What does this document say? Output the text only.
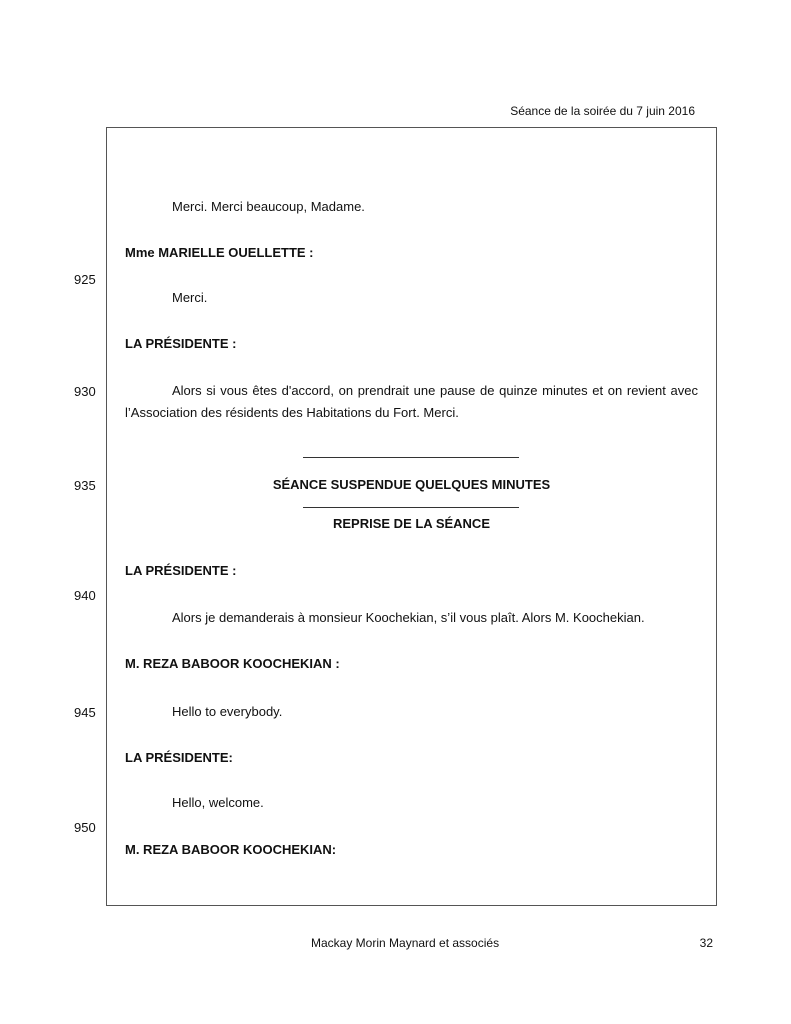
Séance de la soirée du 7 juin 2016
925
930
935
940
945
950
Merci. Merci beaucoup, Madame.
Mme MARIELLE OUELLETTE :
Merci.
LA PRÉSIDENTE :
Alors si vous êtes d'accord, on prendrait une pause de quinze minutes et on revient avec l’Association des résidents des Habitations du Fort. Merci.
SÉANCE SUSPENDUE QUELQUES MINUTES
REPRISE DE LA SÉANCE
LA PRÉSIDENTE :
Alors je demanderais à monsieur Koochekian, s’il vous plaît. Alors M. Koochekian.
M. REZA BABOOR KOOCHEKIAN :
Hello to everybody.
LA PRÉSIDENTE:
Hello, welcome.
M. REZA BABOOR KOOCHEKIAN:
Mackay Morin Maynard et associés	32
